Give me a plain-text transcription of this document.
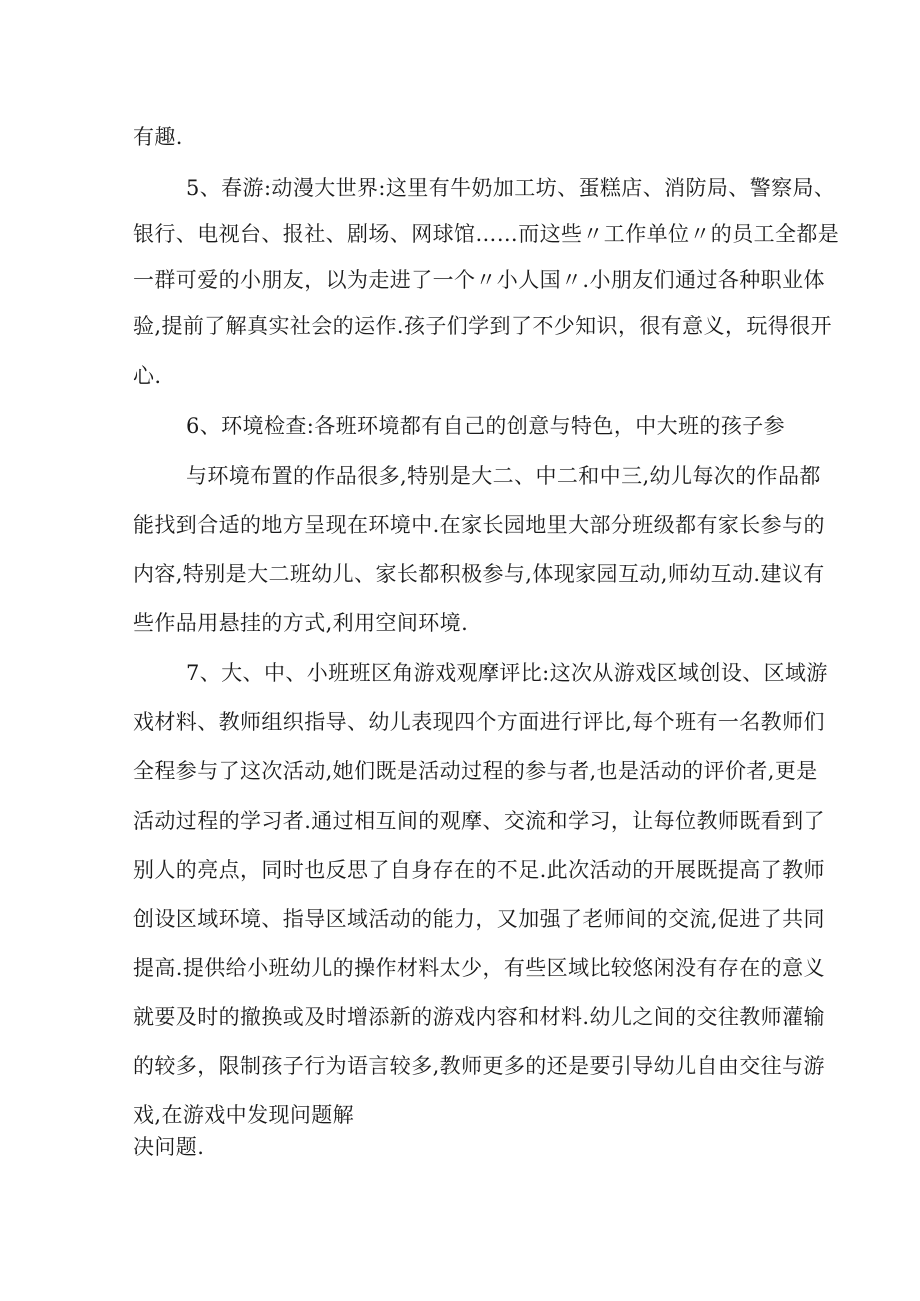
有趣.
5、春游:动漫大世界:这里有牛奶加工坊、蛋糕店、消防局、警察局、
银行、电视台、报社、剧场、网球馆……而这些〃工作单位〃的员工全都是
一群可爱的小朋友，以为走进了一个〃小人国〃.小朋友们通过各种职业体
验,提前了解真实社会的运作.孩子们学到了不少知识，很有意义，玩得很开
心.
6、环境检查:各班环境都有自己的创意与特色，中大班的孩子参
与环境布置的作品很多,特别是大二、中二和中三,幼儿每次的作品都
能找到合适的地方呈现在环境中.在家长园地里大部分班级都有家长参与的
内容,特别是大二班幼儿、家长都积极参与,体现家园互动,师幼互动.建议有
些作品用悬挂的方式,利用空间环境.
7、大、中、小班班区角游戏观摩评比:这次从游戏区域创设、区域游
戏材料、教师组织指导、幼儿表现四个方面进行评比,每个班有一名教师们
全程参与了这次活动,她们既是活动过程的参与者,也是活动的评价者,更是
活动过程的学习者.通过相互间的观摩、交流和学习，让每位教师既看到了
别人的亮点，同时也反思了自身存在的不足.此次活动的开展既提高了教师
创设区域环境、指导区域活动的能力，又加强了老师间的交流,促进了共同
提高.提供给小班幼儿的操作材料太少，有些区域比较悠闲没有存在的意义
就要及时的撤换或及时增添新的游戏内容和材料.幼儿之间的交往教师灌输
的较多，限制孩子行为语言较多,教师更多的还是要引导幼儿自由交往与游
戏,在游戏中发现问题解
决问题.
